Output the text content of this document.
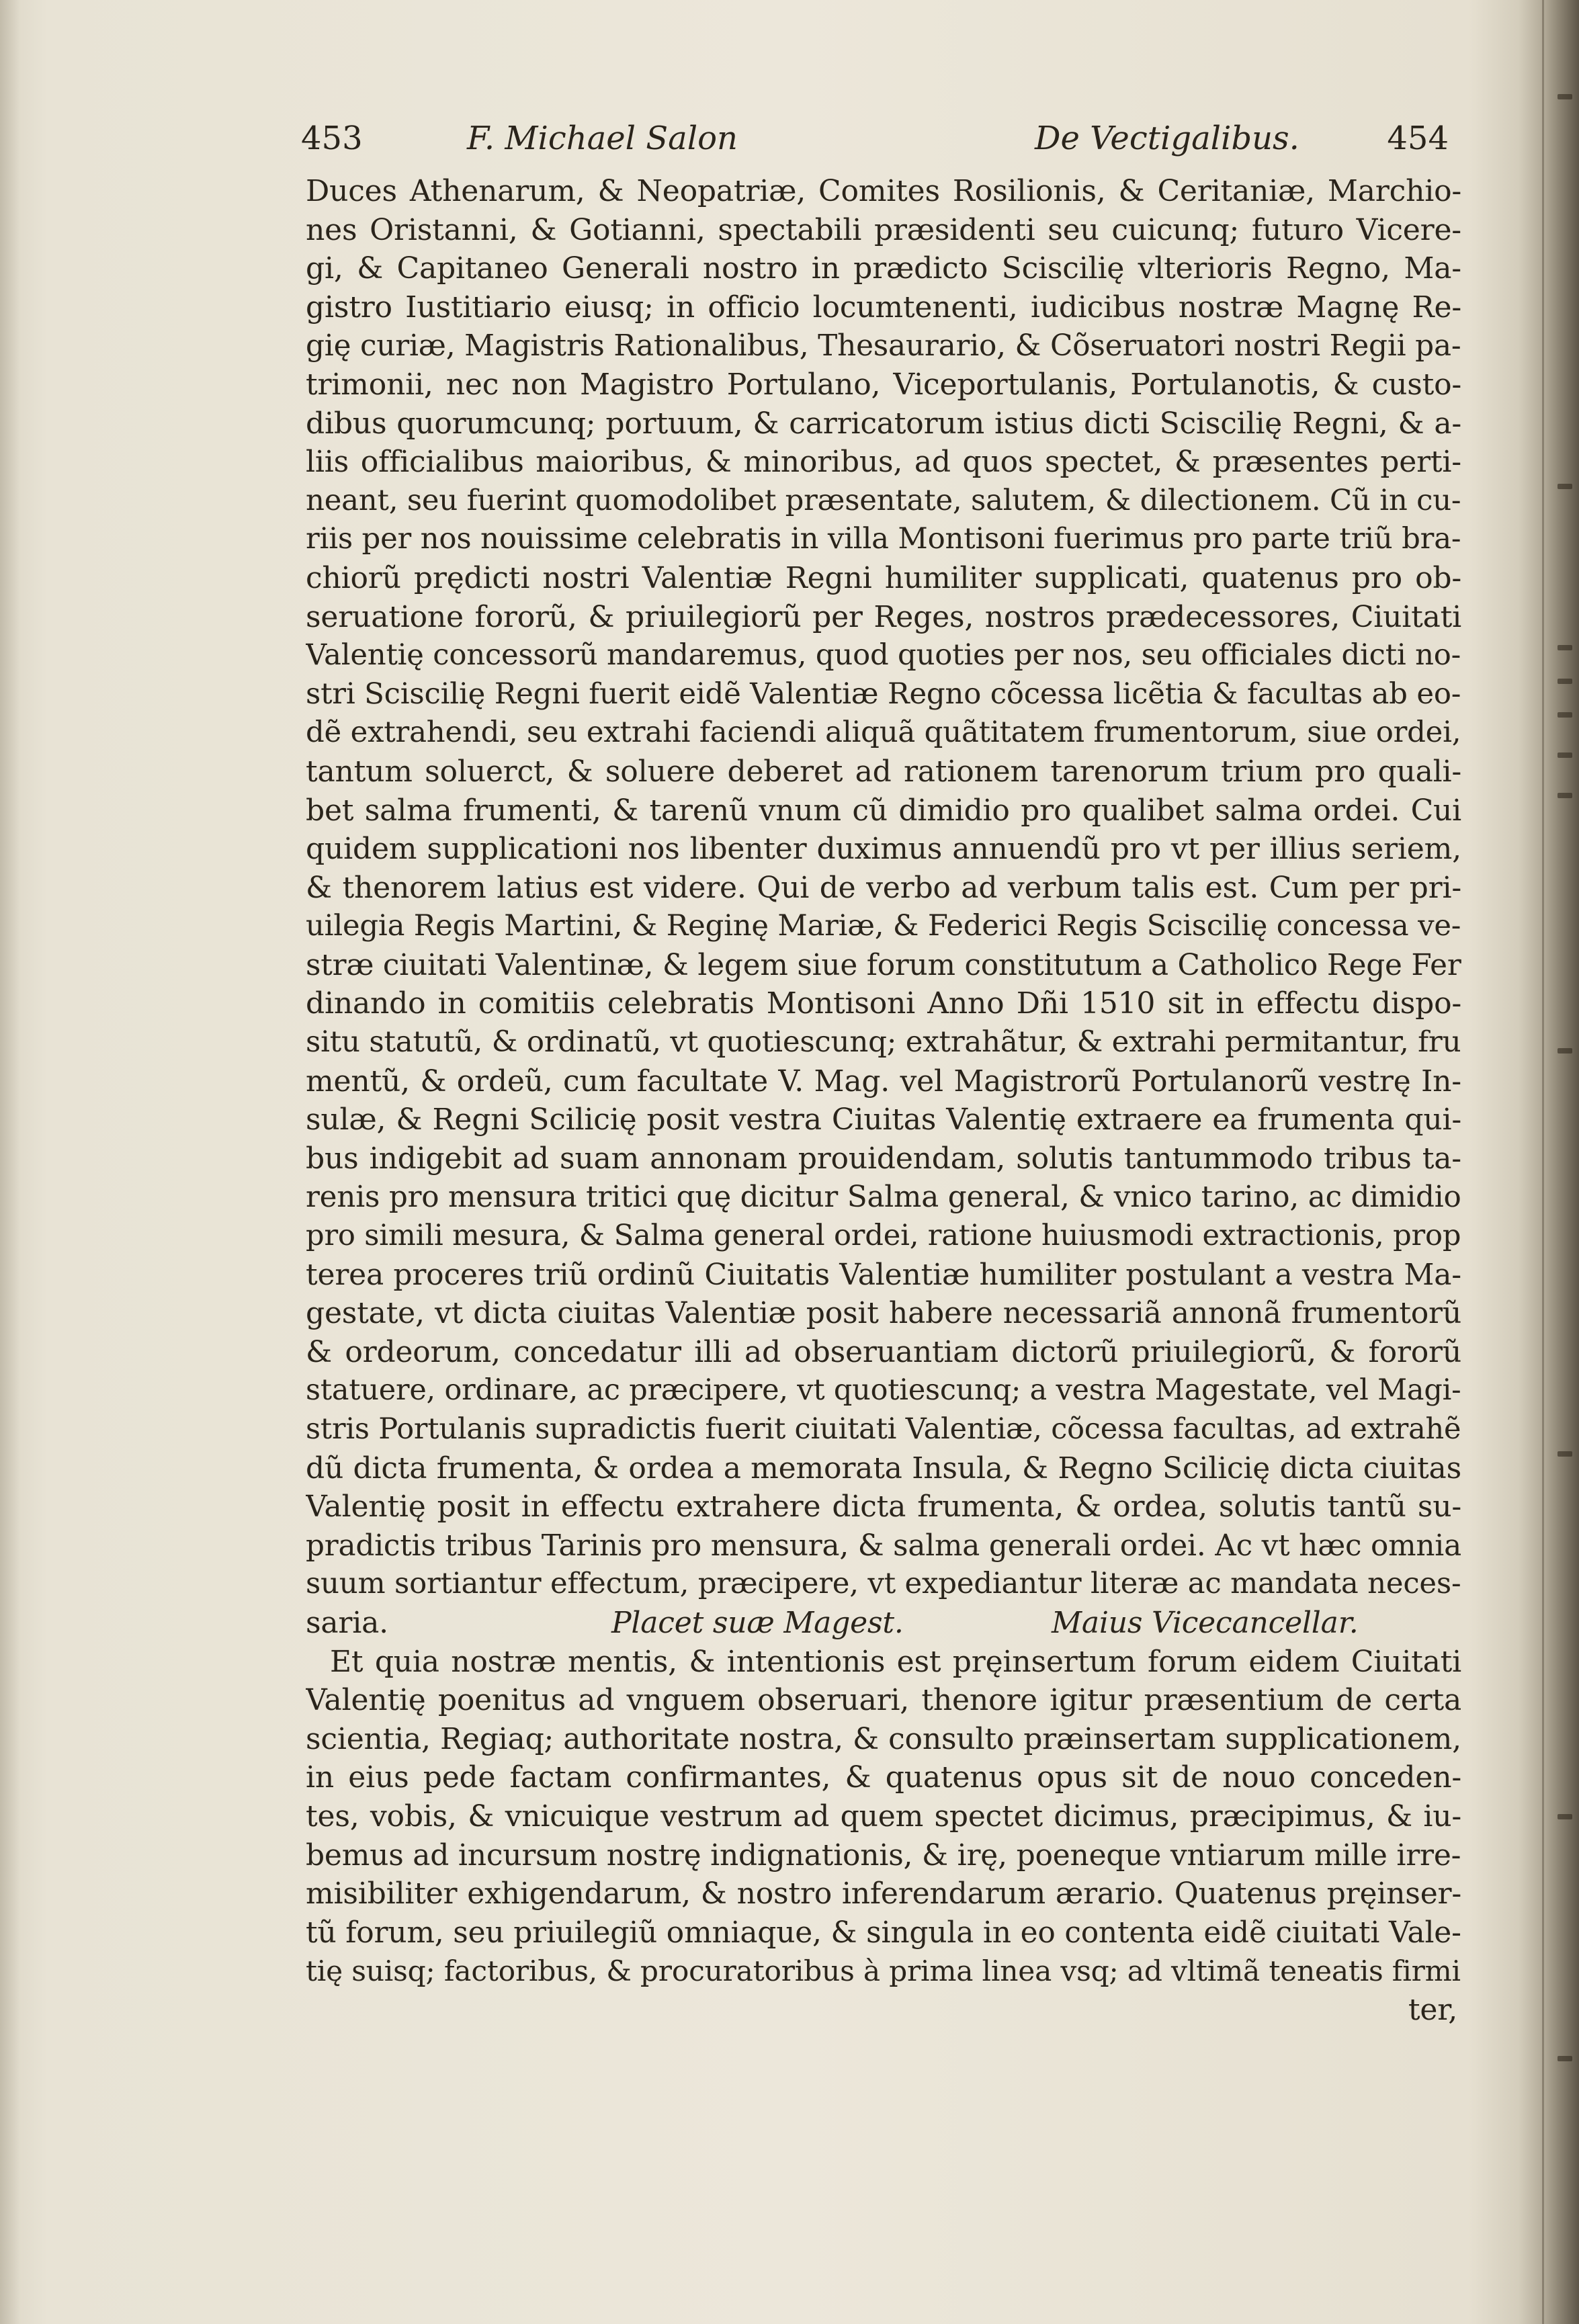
453	F. Michael Salon	De Vectigalibus.	454
Duces Athenarum, & Neopatriæ, Comites Rosilionis, & Ceritaniæ, Marchio-
nes Oristanni, & Gotianni, spectabili præsidenti seu cuicunq; futuro Vicere-
gi, & Capitaneo Generali nostro in prædicto Sciscilię vlterioris Regno, Ma-
gistro Iustitiario eiusq; in officio locumtenenti, iudicibus nostræ Magnę Re-
gię curiæ, Magistris Rationalibus, Thesaurario, & Cõseruatori nostri Regii pa-
trimonii, nec non Magistro Portulano, Viceportulanis, Portulanotis, & custo-
dibus quorumcunq; portuum, & carricatorum istius dicti Sciscilię Regni, & a-
liis officialibus maioribus, & minoribus, ad quos spectet, & præsentes perti-
neant, seu fuerint quomodolibet præsentate, salutem, & dilectionem. Cũ in cu-
riis per nos nouissime celebratis in villa Montisoni fuerimus pro parte triũ bra-
chiorũ prędicti nostri Valentiæ Regni humiliter supplicati, quatenus pro ob-
seruatione fororũ, & priuilegiorũ per Reges, nostros prædecessores, Ciuitati
Valentię concessorũ mandaremus, quod quoties per nos, seu officiales dicti no-
stri Sciscilię Regni fuerit eidẽ Valentiæ Regno cõcessa licẽtia & facultas ab eo-
dẽ extrahendi, seu extrahi faciendi aliquã quãtitatem frumentorum, siue ordei,
tantum soluerct, & soluere deberet ad rationem tarenorum trium pro quali-
bet salma frumenti, & tarenũ vnum cũ dimidio pro qualibet salma ordei. Cui
quidem supplicationi nos libenter duximus annuendũ pro vt per illius seriem,
& thenorem latius est videre. Qui de verbo ad verbum talis est. Cum per pri-
uilegia Regis Martini, & Reginę Mariæ, & Federici Regis Sciscilię concessa ve-
stræ ciuitati Valentinæ, & legem siue forum constitutum a Catholico Rege Fer
dinando in comitiis celebratis Montisoni Anno Dñi 1510 sit in effectu dispo-
situ statutũ, & ordinatũ, vt quotiescunq; extrahãtur, & extrahi permitantur, fru
mentũ, & ordeũ, cum facultate V. Mag. vel Magistrorũ Portulanorũ vestrę In-
sulæ, & Regni Scilicię posit vestra Ciuitas Valentię extraere ea frumenta qui-
bus indigebit ad suam annonam prouidendam, solutis tantummodo tribus ta-
renis pro mensura tritici quę dicitur Salma general, & vnico tarino, ac dimidio
pro simili mesura, & Salma general ordei, ratione huiusmodi extractionis, prop
terea proceres triũ ordinũ Ciuitatis Valentiæ humiliter postulant a vestra Ma-
gestate, vt dicta ciuitas Valentiæ posit habere necessariã annonã frumentorũ
& ordeorum, concedatur illi ad obseruantiam dictorũ priuilegiorũ, & fororũ
statuere, ordinare, ac præcipere, vt quotiescunq; a vestra Magestate, vel Magi-
stris Portulanis supradictis fuerit ciuitati Valentiæ, cõcessa facultas, ad extrahẽ
dũ dicta frumenta, & ordea a memorata Insula, & Regno Scilicię dicta ciuitas
Valentię posit in effectu extrahere dicta frumenta, & ordea, solutis tantũ su-
pradictis tribus Tarinis pro mensura, & salma generali ordei. Ac vt hæc omnia
suum sortiantur effectum, præcipere, vt expediantur literæ ac mandata neces-
saria.	Placet suæ Magest.	Maius Vicecancellar.
Et quia nostræ mentis, & intentionis est pręinsertum forum eidem Ciuitati
Valentię poenitus ad vnguem obseruari, thenore igitur præsentium de certa
scientia, Regiaq; authoritate nostra, & consulto præinsertam supplicationem,
in eius pede factam confirmantes, & quatenus opus sit de nouo conceden-
tes, vobis, & vnicuique vestrum ad quem spectet dicimus, præcipimus, & iu-
bemus ad incursum nostrę indignationis, & irę, poeneque vntiarum mille irre-
misibiliter exhigendarum, & nostro inferendarum ærario. Quatenus pręinser-
tũ forum, seu priuilegiũ omniaque, & singula in eo contenta eidẽ ciuitati Vale-
tię suisq; factoribus, & procuratoribus à prima linea vsq; ad vltimã teneatis firmi
ter,
